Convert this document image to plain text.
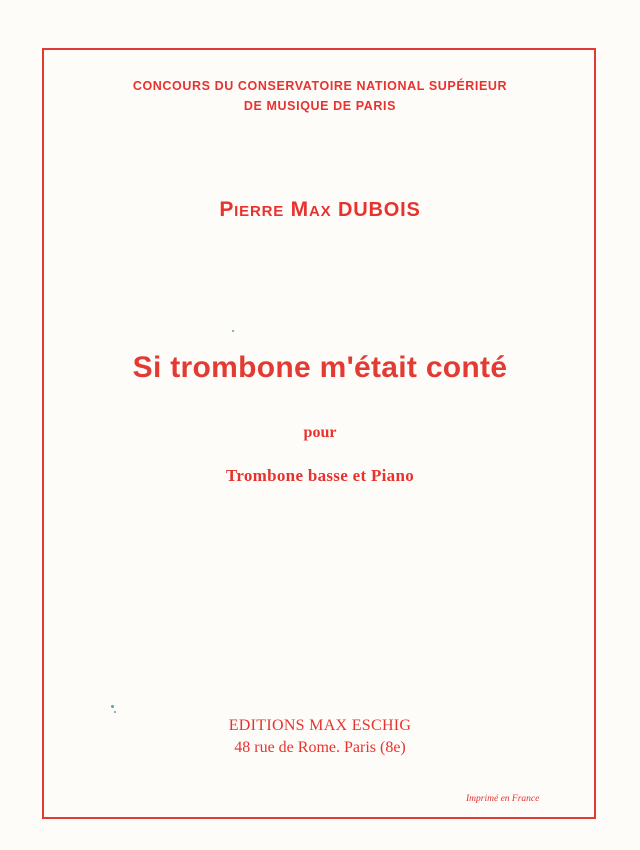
CONCOURS DU CONSERVATOIRE NATIONAL SUPÉRIEUR
DE MUSIQUE DE PARIS
Pierre Max DUBOIS
Si trombone m'était conté
pour
Trombone basse et Piano
EDITIONS MAX ESCHIG
48 rue de Rome. Paris (8e)
Imprimé en France
